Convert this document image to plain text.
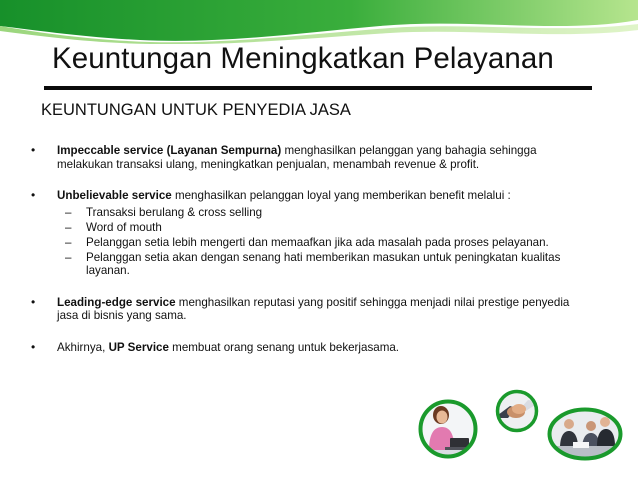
Keuntungan Meningkatkan Pelayanan
KEUNTUNGAN UNTUK PENYEDIA JASA
• Impeccable service (Layanan Sempurna) menghasilkan pelanggan yang bahagia sehingga melakukan transaksi ulang, meningkatkan penjualan, menambah revenue & profit.
• Unbelievable service menghasilkan pelanggan loyal yang memberikan benefit melalui :
– Transaksi berulang & cross selling
– Word of mouth
– Pelanggan setia lebih mengerti dan memaafkan jika ada masalah pada proses pelayanan.
– Pelanggan setia akan dengan senang hati memberikan masukan untuk peningkatan kualitas layanan.
• Leading-edge service menghasilkan reputasi yang positif sehingga menjadi nilai prestige penyedia jasa di bisnis yang sama.
• Akhirnya, UP Service membuat orang senang untuk bekerjasama.
